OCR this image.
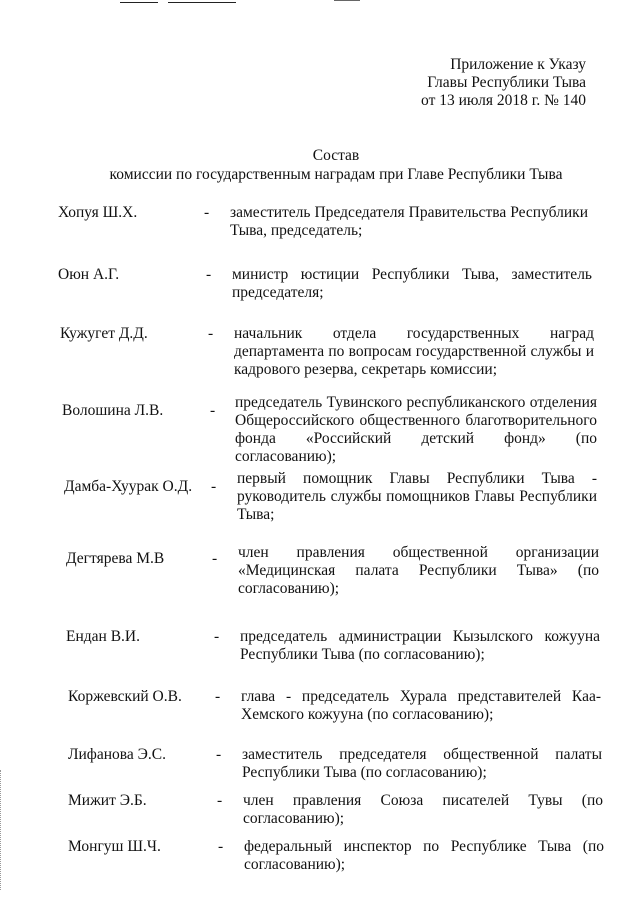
Приложение к Указу
Главы Республики Тыва
от 13 июля 2018 г. № 140
Состав
комиссии по государственным наградам при Главе Республики Тыва
Хопуя Ш.Х.	- заместитель Председателя Правительства Республики Тыва, председатель;
Оюн А.Г.	- министр юстиции Республики Тыва, заместитель председателя;
Кужугет Д.Д.	- начальник отдела государственных наград департамента по вопросам государственной службы и кадрового резерва, секретарь комиссии;
Волошина Л.В.	- председатель Тувинского республиканского отделения Общероссийского общественного благотворительного фонда «Российский детский фонд» (по согласованию);
Дамба-Хуурак О.Д. - первый помощник Главы Республики Тыва - руководитель службы помощников Главы Республики Тыва;
Дегтярева М.В	- член правления общественной организации «Медицинская палата Республики Тыва» (по согласованию);
Ендан В.И.	- председатель администрации Кызылского кожууна Республики Тыва (по согласованию);
Коржевский О.В. - глава - председатель Хурала представителей Каа-Хемского кожууна (по согласованию);
Лифанова Э.С.	- заместитель председателя общественной палаты Республики Тыва (по согласованию);
Мижит Э.Б.	- член правления Союза писателей Тувы (по согласованию);
Монгуш Ш.Ч.	- федеральный инспектор по Республике Тыва (по согласованию);
